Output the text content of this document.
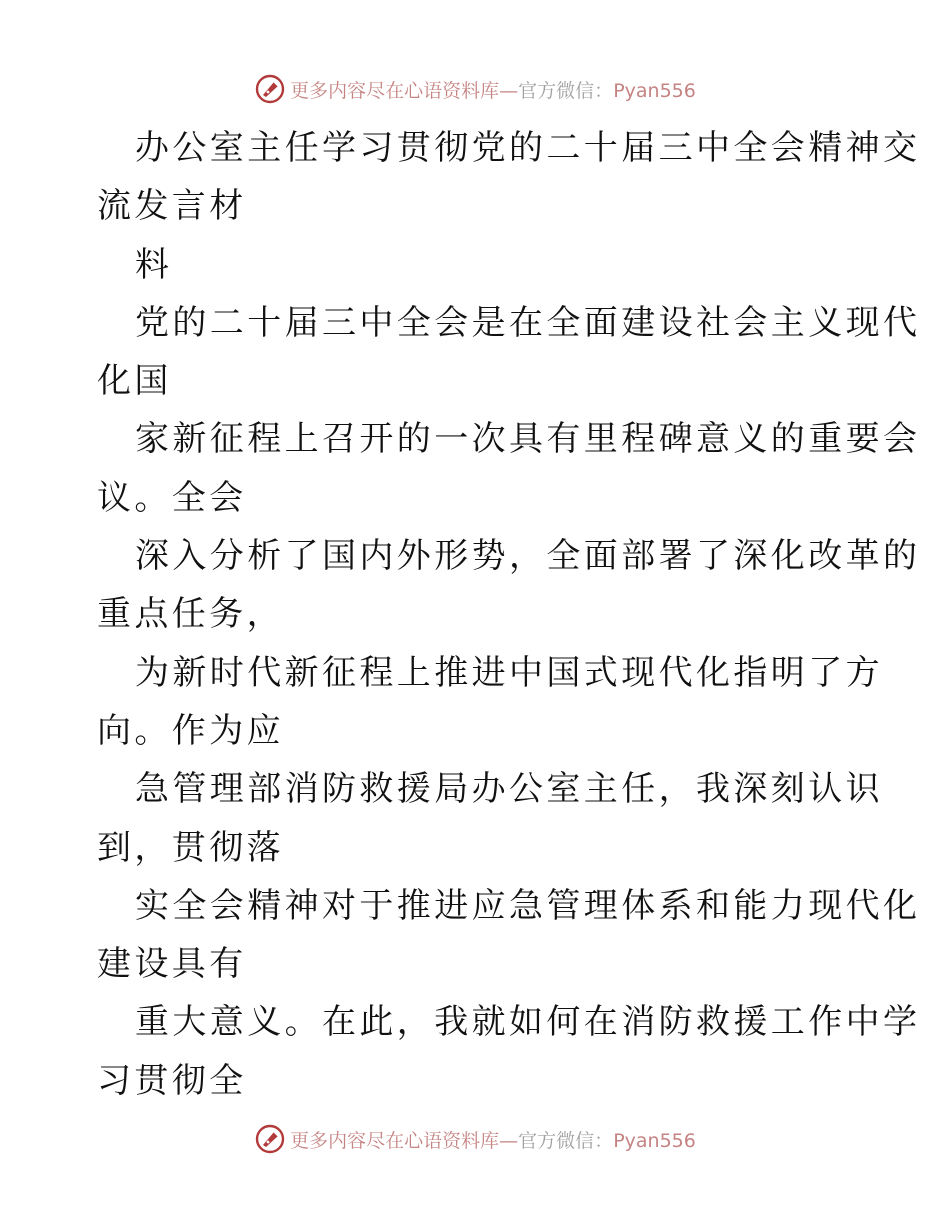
更多内容尽在心语资料库—官方微信：Pyan556
办公室主任学习贯彻党的二十届三中全会精神交
流发言材
料
党的二十届三中全会是在全面建设社会主义现代
化国
家新征程上召开的一次具有里程碑意义的重要会
议。全会
深入分析了国内外形势，全面部署了深化改革的
重点任务，
为新时代新征程上推进中国式现代化指明了方
向。作为应
急管理部消防救援局办公室主任，我深刻认识
到，贯彻落
实全会精神对于推进应急管理体系和能力现代化
建设具有
重大意义。在此，我就如何在消防救援工作中学
习贯彻全
更多内容尽在心语资料库—官方微信：Pyan556
